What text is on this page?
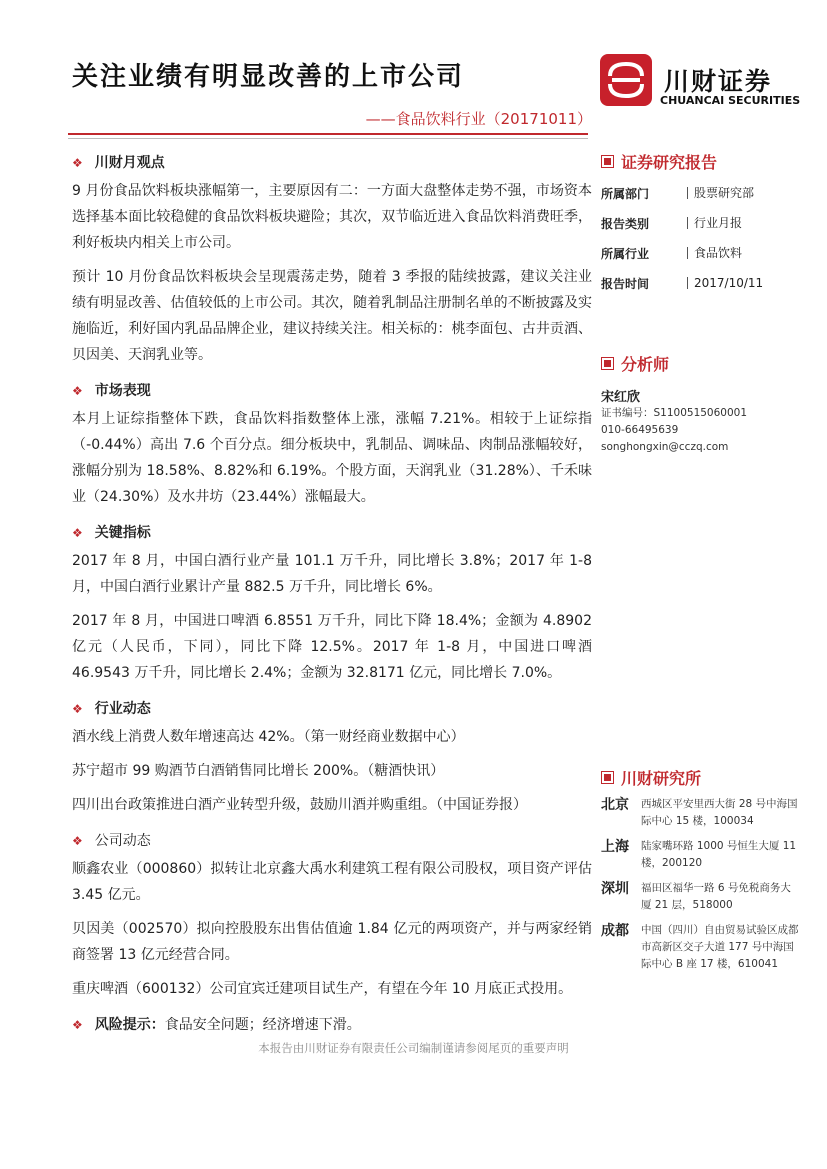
关注业绩有明显改善的上市公司
——食品饮料行业（20171011）
川财证券
CHUANCAI SECURITIES
❖ 川财月观点

9 月份食品饮料板块涨幅第一，主要原因有二：一方面大盘整体走势不强，市场资本选择基本面比较稳健的食品饮料板块避险；其次，双节临近进入食品饮料消费旺季，利好板块内相关上市公司。

预计 10 月份食品饮料板块会呈现震荡走势，随着 3 季报的陆续披露，建议关注业绩有明显改善、估值较低的上市公司。其次，随着乳制品注册制名单的不断披露及实施临近，利好国内乳品品牌企业，建议持续关注。相关标的：桃李面包、古井贡酒、贝因美、天润乳业等。

❖ 市场表现

本月上证综指整体下跌，食品饮料指数整体上涨，涨幅 7.21%。相较于上证综指（-0.44%）高出 7.6 个百分点。细分板块中，乳制品、调味品、肉制品涨幅较好，涨幅分别为 18.58%、8.82%和 6.19%。个股方面，天润乳业（31.28%）、千禾味业（24.30%）及水井坊（23.44%）涨幅最大。

❖ 关键指标

2017 年 8 月，中国白酒行业产量 101.1 万千升，同比增长 3.8%；2017 年 1-8 月，中国白酒行业累计产量 882.5 万千升，同比增长 6%。

2017 年 8 月，中国进口啤酒 6.8551 万千升，同比下降 18.4%；金额为 4.8902 亿元（人民币，下同），同比下降 12.5%。2017 年 1-8 月，中国进口啤酒 46.9543 万千升，同比增长 2.4%；金额为 32.8171 亿元，同比增长 7.0%。

❖ 行业动态

酒水线上消费人数年增速高达 42%。（第一财经商业数据中心）

苏宁超市 99 购酒节白酒销售同比增长 200%。（糖酒快讯）

四川出台政策推进白酒产业转型升级，鼓励川酒并购重组。（中国证券报）

❖ 公司动态

顺鑫农业（000860）拟转让北京鑫大禹水利建筑工程有限公司股权，项目资产评估 3.45 亿元。

贝因美（002570）拟向控股股东出售估值逾 1.84 亿元的两项资产，并与两家经销商签署 13 亿元经营合同。

重庆啤酒（600132）公司宜宾迁建项目试生产，有望在今年 10 月底正式投用。

❖ 风险提示： 食品安全问题；经济增速下滑。
证券研究报告
所属部门	股票研究部
报告类别	行业月报
所属行业	食品饮料
报告时间	2017/10/11
分析师
宋红欣
证书编号：S1100515060001
010-66495639
songhongxin@cczq.com
川财研究所
北京	西城区平安里西大街 28 号中海国际中心 15 楼，100034
上海	陆家嘴环路 1000 号恒生大厦 11 楼，200120
深圳	福田区福华一路 6 号免税商务大厦 21 层，518000
成都	中国（四川）自由贸易试验区成都市高新区交子大道 177 号中海国际中心 B 座 17 楼，610041
本报告由川财证券有限责任公司编制谨请参阅尾页的重要声明
